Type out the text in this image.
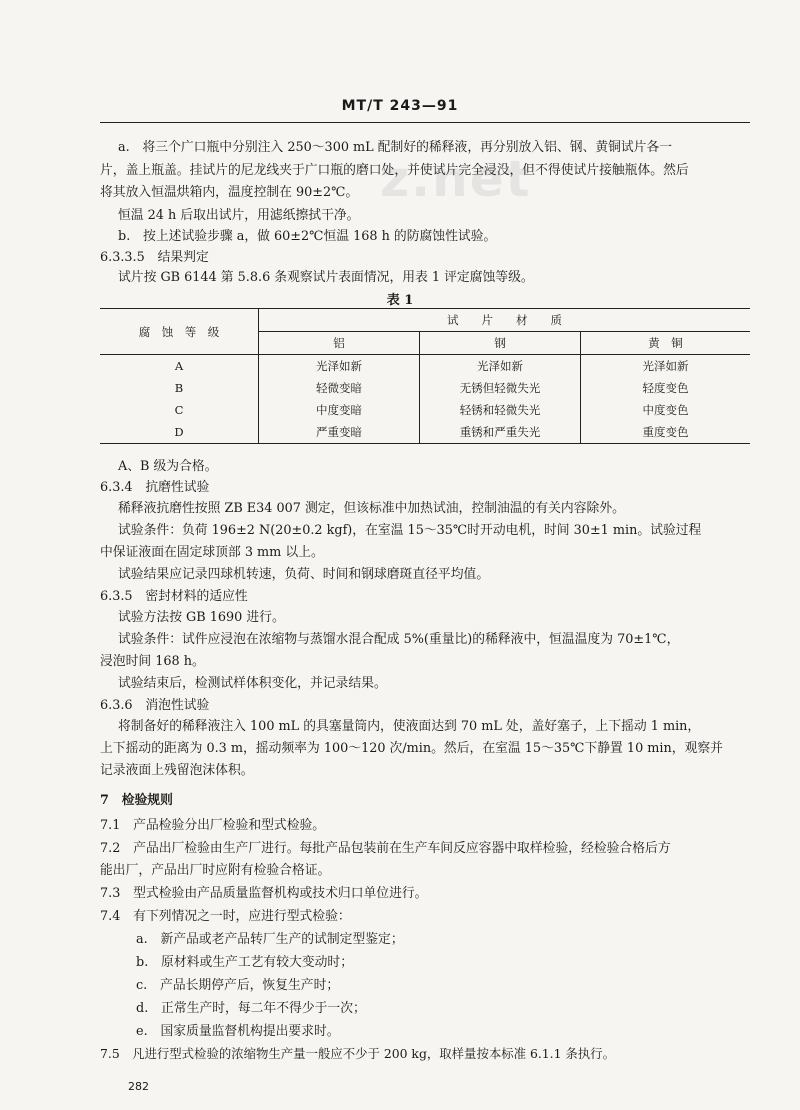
z.net
MT/T 243—91
a.　将三个广口瓶中分别注入 250～300 mL 配制好的稀释液，再分别放入铝、钢、黄铜试片各一
片，盖上瓶盖。挂试片的尼龙线夹于广口瓶的磨口处，并使试片完全浸没，但不得使试片接触瓶体。然后
将其放入恒温烘箱内，温度控制在 90±2℃。
恒温 24 h 后取出试片，用滤纸擦拭干净。
b.　按上述试验步骤 a，做 60±2℃恒温 168 h 的防腐蚀性试验。
6.3.3.5　结果判定
试片按 GB 6144 第 5.8.6 条观察试片表面情况，用表 1 评定腐蚀等级。
表 1
腐　蚀　等　级	试　　片　　材　　质		
	铝	钢	黄　铜
A	光泽如新	光泽如新	光泽如新
B	轻微变暗	无锈但轻微失光	轻度变色
C	中度变暗	轻锈和轻微失光	中度变色
D	严重变暗	重锈和严重失光	重度变色
A、B 级为合格。
6.3.4　抗磨性试验
稀释液抗磨性按照 ZB E34 007 测定，但该标准中加热试油，控制油温的有关内容除外。
试验条件：负荷 196±2 N(20±0.2 kgf)，在室温 15～35℃时开动电机，时间 30±1 min。试验过程
中保证液面在固定球顶部 3 mm 以上。
试验结果应记录四球机转速，负荷、时间和钢球磨斑直径平均值。
6.3.5　密封材料的适应性
试验方法按 GB 1690 进行。
试验条件：试件应浸泡在浓缩物与蒸馏水混合配成 5%(重量比)的稀释液中，恒温温度为 70±1℃，
浸泡时间 168 h。
试验结束后，检测试样体积变化，并记录结果。
6.3.6　消泡性试验
将制备好的稀释液注入 100 mL 的具塞量筒内，使液面达到 70 mL 处，盖好塞子，上下摇动 1 min，
上下摇动的距离为 0.3 m，摇动频率为 100～120 次/min。然后，在室温 15～35℃下静置 10 min，观察并
记录液面上残留泡沫体积。
7　检验规则
7.1　产品检验分出厂检验和型式检验。
7.2　产品出厂检验由生产厂进行。每批产品包装前在生产车间反应容器中取样检验，经检验合格后方
能出厂，产品出厂时应附有检验合格证。
7.3　型式检验由产品质量监督机构或技术归口单位进行。
7.4　有下列情况之一时，应进行型式检验：
a.　新产品或老产品转厂生产的试制定型鉴定；
b.　原材料或生产工艺有较大变动时；
c.　产品长期停产后，恢复生产时；
d.　正常生产时，每二年不得少于一次；
e.　国家质量监督机构提出要求时。
7.5　凡进行型式检验的浓缩物生产量一般应不少于 200 kg，取样量按本标准 6.1.1 条执行。
282
